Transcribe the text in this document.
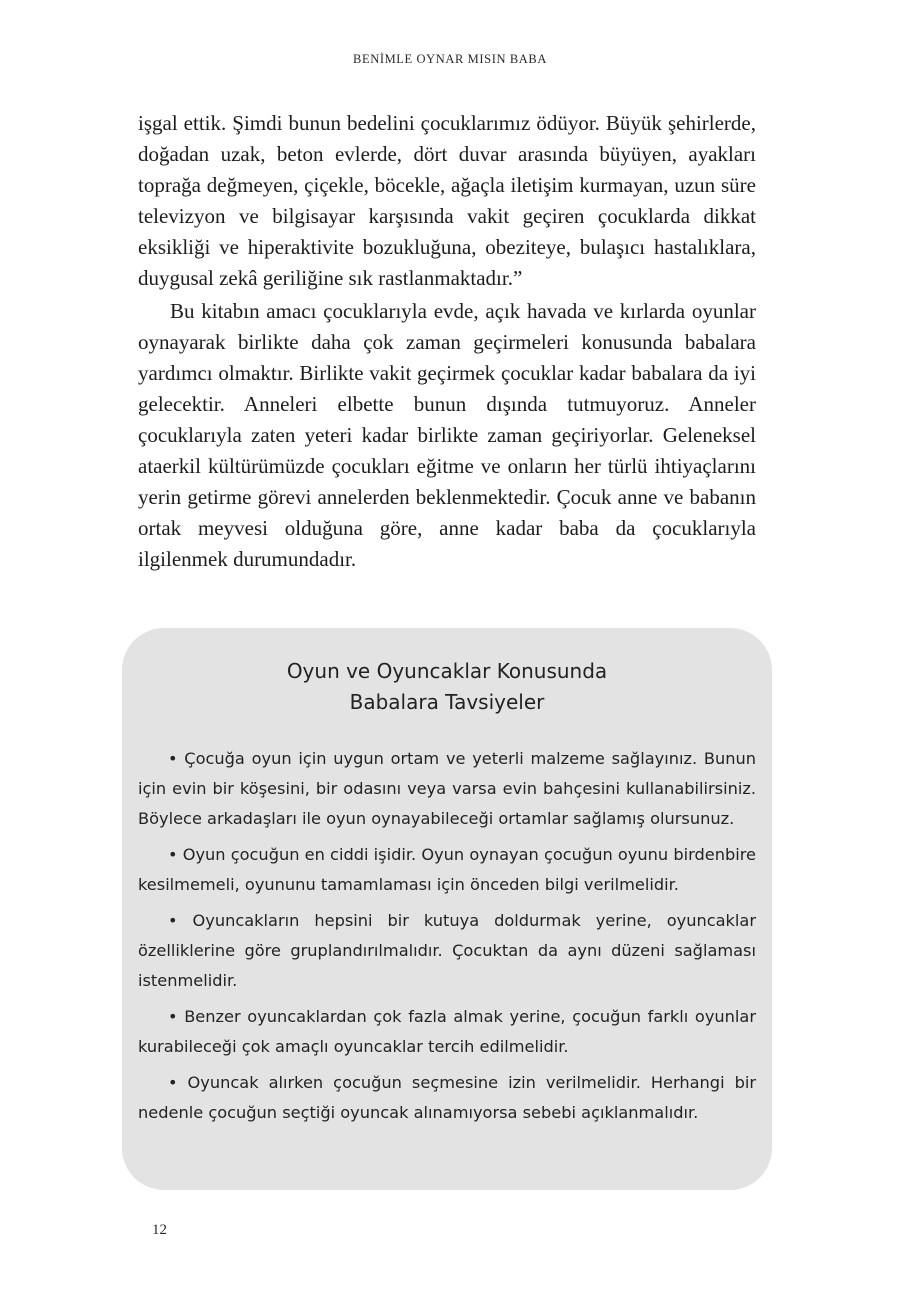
BENİMLE OYNAR MISIN BABA

işgal ettik. Şimdi bunun bedelini çocuklarımız ödüyor. Büyük şehirlerde, doğadan uzak, beton evlerde, dört duvar arasında büyüyen, ayakları toprağa değmeyen, çiçekle, böcekle, ağaçla iletişim kurmayan, uzun süre televizyon ve bilgisayar karşısında vakit geçiren çocuklarda dikkat eksikliği ve hiperaktivite bozukluğuna, obeziteye, bulaşıcı hastalıklara, duygusal zekâ geriliğine sık rastlanmaktadır.”

Bu kitabın amacı çocuklarıyla evde, açık havada ve kırlarda oyunlar oynayarak birlikte daha çok zaman geçirmeleri konusunda babalara yardımcı olmaktır. Birlikte vakit geçirmek çocuklar kadar babalara da iyi gelecektir. Anneleri elbette bunun dışında tutmuyoruz. Anneler çocuklarıyla zaten yeteri kadar birlikte zaman geçiriyorlar. Geleneksel ataerkil kültürümüzde çocukları eğitme ve onların her türlü ihtiyaçlarını yerin getirme görevi annelerden beklenmektedir. Çocuk anne ve babanın ortak meyvesi olduğuna göre, anne kadar baba da çocuklarıyla ilgilenmek durumundadır.

Oyun ve Oyuncaklar Konusunda
Babalara Tavsiyeler
• Çocuğa oyun için uygun ortam ve yeterli malzeme sağlayınız. Bunun için evin bir köşesini, bir odasını veya varsa evin bahçesini kullanabilirsiniz. Böylece arkadaşları ile oyun oynayabileceği ortamlar sağlamış olursunuz.
• Oyun çocuğun en ciddi işidir. Oyun oynayan çocuğun oyunu birdenbire kesilmemeli, oyununu tamamlaması için önceden bilgi verilmelidir.
• Oyuncakların hepsini bir kutuya doldurmak yerine, oyuncaklar özelliklerine göre gruplandırılmalıdır. Çocuktan da aynı düzeni sağlaması istenmelidir.
• Benzer oyuncaklardan çok fazla almak yerine, çocuğun farklı oyunlar kurabileceği çok amaçlı oyuncaklar tercih edilmelidir.
• Oyuncak alırken çocuğun seçmesine izin verilmelidir. Herhangi bir nedenle çocuğun seçtiği oyuncak alınamıyorsa sebebi açıklanmalıdır.
12
